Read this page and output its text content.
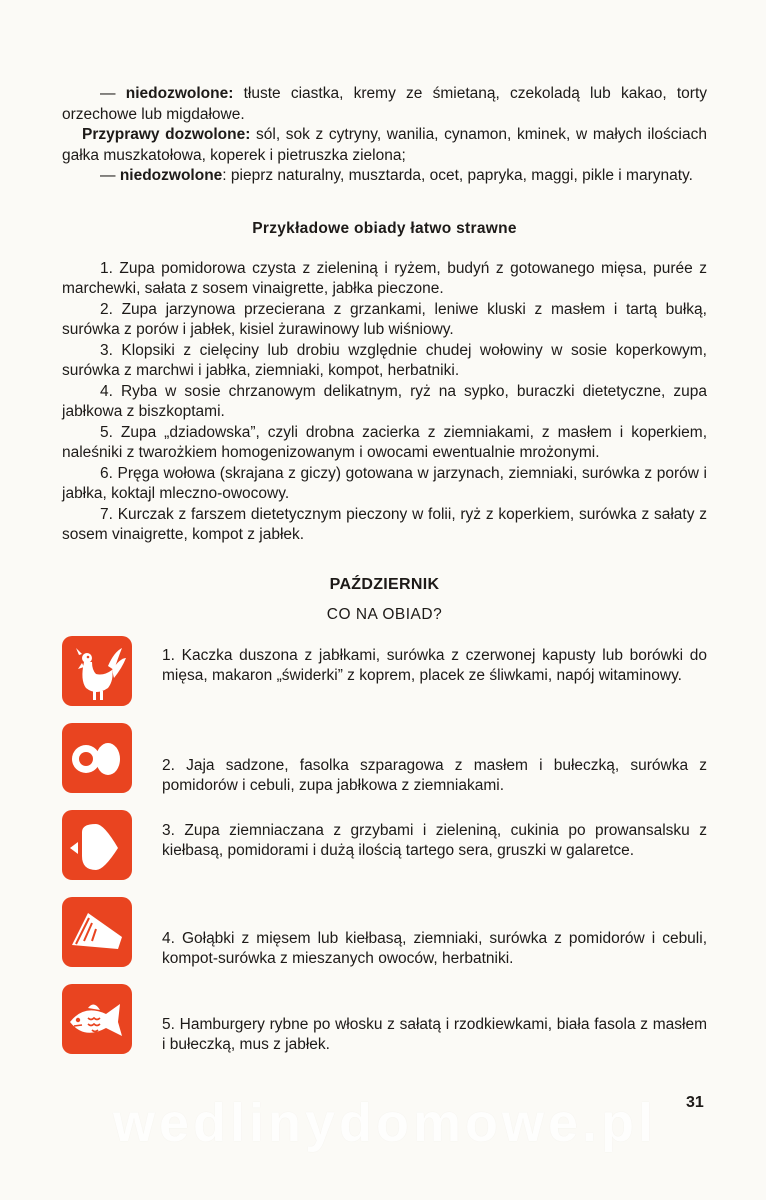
— niedozwolone: tłuste ciastka, kremy ze śmietaną, czekoladą lub kakao, torty orzechowe lub migdałowe.

Przyprawy dozwolone: sól, sok z cytryny, wanilia, cynamon, kminek, w małych ilościach gałka muszkatołowa, koperek i pietruszka zielona;

— niedozwolone: pieprz naturalny, musztarda, ocet, papryka, maggi, pikle i marynaty.

Przykładowe obiady łatwo strawne

1. Zupa pomidorowa czysta z zieleniną i ryżem, budyń z gotowanego mięsa, purée z marchewki, sałata z sosem vinaigrette, jabłka pieczone.

2. Zupa jarzynowa przecierana z grzankami, leniwe kluski z masłem i tartą bułką, surówka z porów i jabłek, kisiel żurawinowy lub wiśniowy.

3. Klopsiki z cielęciny lub drobiu względnie chudej wołowiny w sosie koperkowym, surówka z marchwi i jabłka, ziemniaki, kompot, herbatniki.

4. Ryba w sosie chrzanowym delikatnym, ryż na sypko, buraczki dietetyczne, zupa jabłkowa z biszkoptami.

5. Zupa „dziadowska”, czyli drobna zacierka z ziemniakami, z masłem i koperkiem, naleśniki z twarożkiem homogenizowanym i owocami ewentualnie mrożonymi.

6. Pręga wołowa (skrajana z giczy) gotowana w jarzynach, ziemniaki, surówka z porów i jabłka, koktajl mleczno-owocowy.

7. Kurczak z farszem dietetycznym pieczony w folii, ryż z koperkiem, surówka z sałaty z sosem vinaigrette, kompot z jabłek.

PAŹDZIERNIK
CO NA OBIAD?

1. Kaczka duszona z jabłkami, surówka z czerwonej kapusty lub borówki do mięsa, makaron „świderki” z koprem, placek ze śliwkami, napój witaminowy.

2. Jaja sadzone, fasolka szparagowa z masłem i bułeczką, surówka z pomidorów i cebuli, zupa jabłkowa z ziemniakami.

3. Zupa ziemniaczana z grzybami i zieleniną, cukinia po prowansalsku z kiełbasą, pomidorami i dużą ilością tartego sera, gruszki w galaretce.

4. Gołąbki z mięsem lub kiełbasą, ziemniaki, surówka z pomidorów i cebuli, kompot-surówka z mieszanych owoców, herbatniki.

5. Hamburgery rybne po włosku z sałatą i rzodkiewkami, biała fasola z masłem i bułeczką, mus z jabłek.

wedlinydomowe.pl	31
